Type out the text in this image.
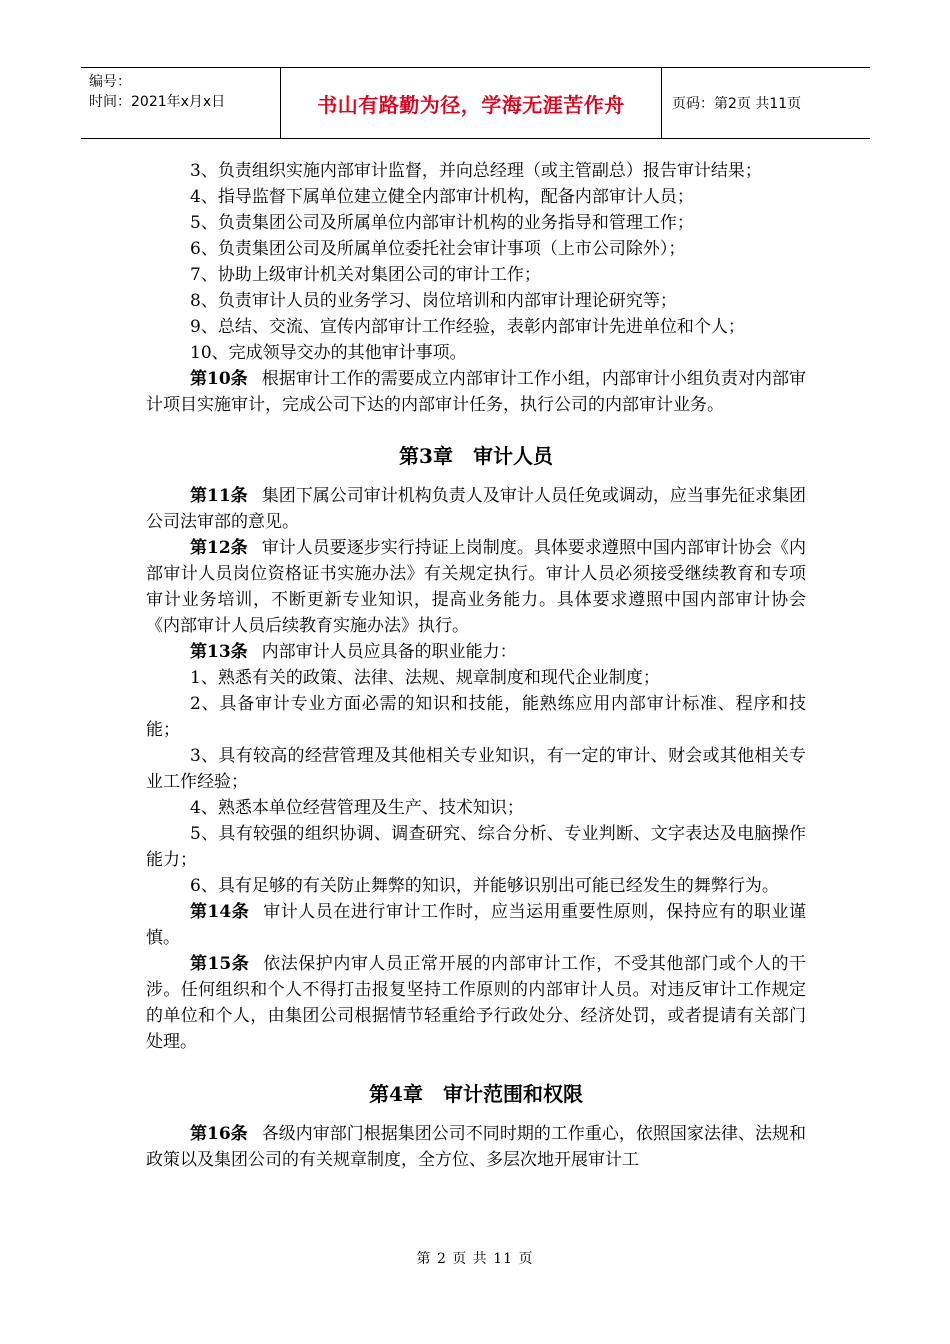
编号：
时间：2021年x月x日	书山有路勤为径，学海无涯苦作舟	页码：第2页 共11页

3、负责组织实施内部审计监督，并向总经理（或主管副总）报告审计结果；

4、指导监督下属单位建立健全内部审计机构，配备内部审计人员；

5、负责集团公司及所属单位内部审计机构的业务指导和管理工作；

6、负责集团公司及所属单位委托社会审计事项（上市公司除外）；

7、协助上级审计机关对集团公司的审计工作；

8、负责审计人员的业务学习、岗位培训和内部审计理论研究等；

9、总结、交流、宣传内部审计工作经验，表彰内部审计先进单位和个人；

10、完成领导交办的其他审计事项。

第10条 根据审计工作的需要成立内部审计工作小组，内部审计小组负责对内部审计项目实施审计，完成公司下达的内部审计任务，执行公司的内部审计业务。

第3章　审计人员

第11条 集团下属公司审计机构负责人及审计人员任免或调动，应当事先征求集团公司法审部的意见。

第12条 审计人员要逐步实行持证上岗制度。具体要求遵照中国内部审计协会《内部审计人员岗位资格证书实施办法》有关规定执行。审计人员必须接受继续教育和专项审计业务培训，不断更新专业知识，提高业务能力。具体要求遵照中国内部审计协会《内部审计人员后续教育实施办法》执行。

第13条 内部审计人员应具备的职业能力：

1、熟悉有关的政策、法律、法规、规章制度和现代企业制度；

2、具备审计专业方面必需的知识和技能，能熟练应用内部审计标准、程序和技能；

3、具有较高的经营管理及其他相关专业知识，有一定的审计、财会或其他相关专业工作经验；

4、熟悉本单位经营管理及生产、技术知识；

5、具有较强的组织协调、调查研究、综合分析、专业判断、文字表达及电脑操作能力；

6、具有足够的有关防止舞弊的知识，并能够识别出可能已经发生的舞弊行为。

第14条 审计人员在进行审计工作时，应当运用重要性原则，保持应有的职业谨慎。

第15条 依法保护内审人员正常开展的内部审计工作，不受其他部门或个人的干涉。任何组织和个人不得打击报复坚持工作原则的内部审计人员。对违反审计工作规定的单位和个人，由集团公司根据情节轻重给予行政处分、经济处罚，或者提请有关部门处理。

第4章　审计范围和权限

第16条 各级内审部门根据集团公司不同时期的工作重心，依照国家法律、法规和政策以及集团公司的有关规章制度，全方位、多层次地开展审计工

第 2 页 共 11 页
